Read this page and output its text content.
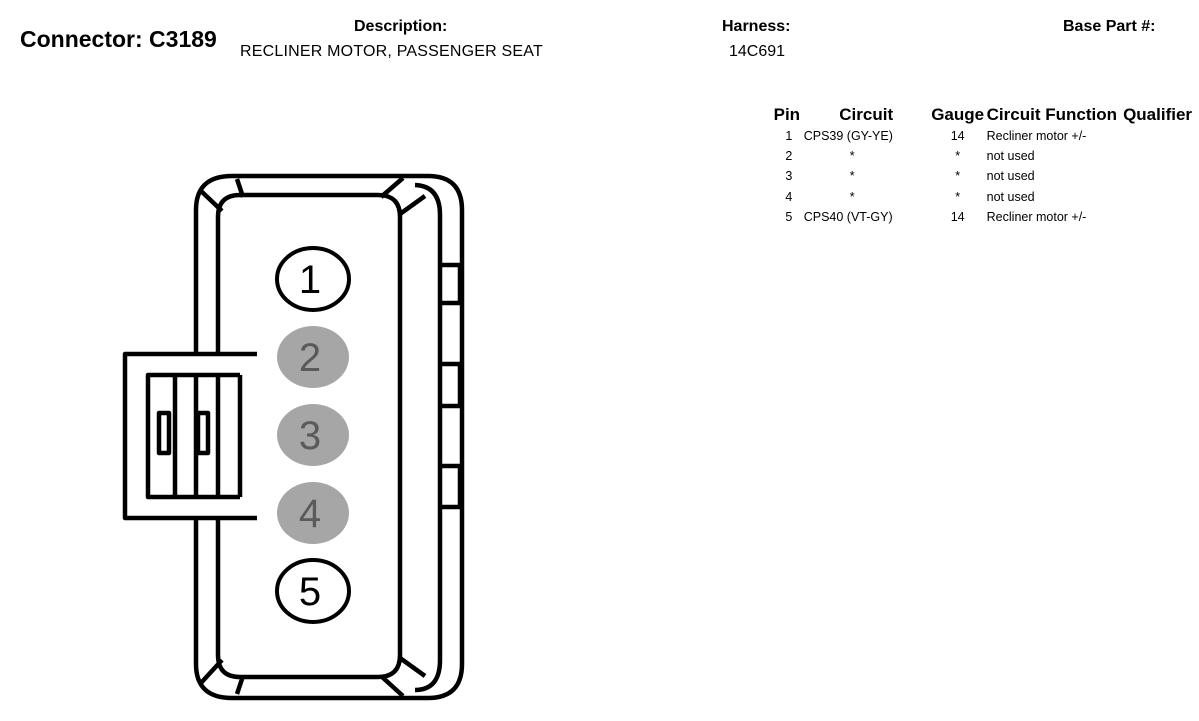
Connector: C3189	Description:
RECLINER MOTOR, PASSENGER SEAT
Harness:
14C691
Base Part #:
Pin	Circuit	Gauge	Circuit Function	Qualifier
1	CPS39 (GY-YE)	14	Recliner motor +/-	
2	*	*	not used	
3	*	*	not used	
4	*	*	not used	
5	CPS40 (VT-GY)	14	Recliner motor +/-	
1
2
3
4
5
